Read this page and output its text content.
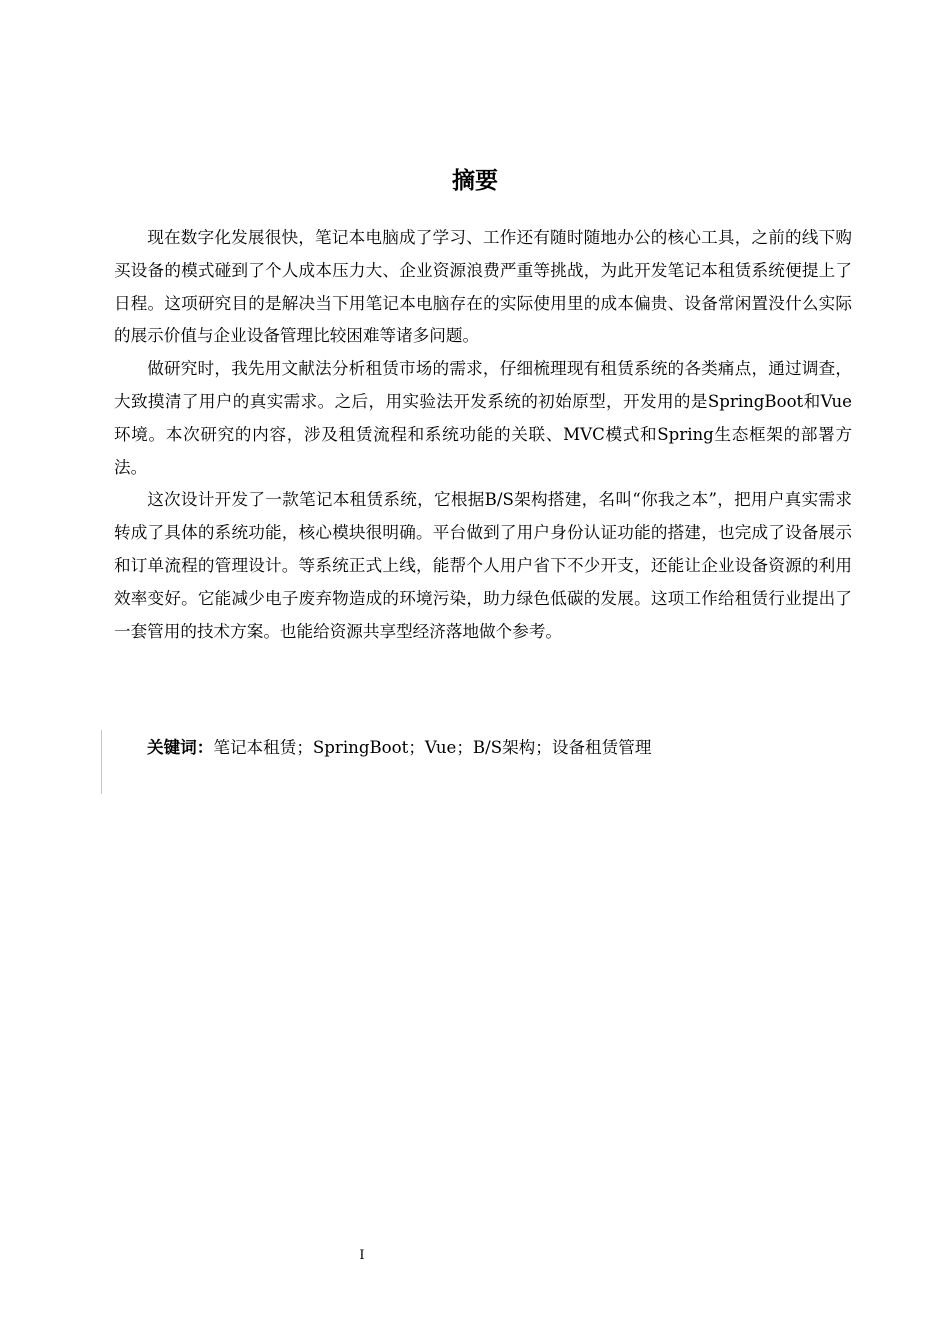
摘要

现在数字化发展很快，笔记本电脑成了学习、工作还有随时随地办公的核心工具，之前的线下购买设备的模式碰到了个人成本压力大、企业资源浪费严重等挑战，为此开发笔记本租赁系统便提上了日程。这项研究目的是解决当下用笔记本电脑存在的实际使用里的成本偏贵、设备常闲置没什么实际的展示价值与企业设备管理比较困难等诸多问题。

做研究时，我先用文献法分析租赁市场的需求，仔细梳理现有租赁系统的各类痛点，通过调查，大致摸清了用户的真实需求。之后，用实验法开发系统的初始原型，开发用的是SpringBoot和Vue环境。本次研究的内容，涉及租赁流程和系统功能的关联、MVC模式和Spring生态框架的部署方法。

这次设计开发了一款笔记本租赁系统，它根据B/S架构搭建，名叫“你我之本”，把用户真实需求转成了具体的系统功能，核心模块很明确。平台做到了用户身份认证功能的搭建，也完成了设备展示和订单流程的管理设计。等系统正式上线，能帮个人用户省下不少开支，还能让企业设备资源的利用效率变好。它能减少电子废弃物造成的环境污染，助力绿色低碳的发展。这项工作给租赁行业提出了一套管用的技术方案。也能给资源共享型经济落地做个参考。

关键词：笔记本租赁；SpringBoot；Vue；B/S架构；设备租赁管理
I
